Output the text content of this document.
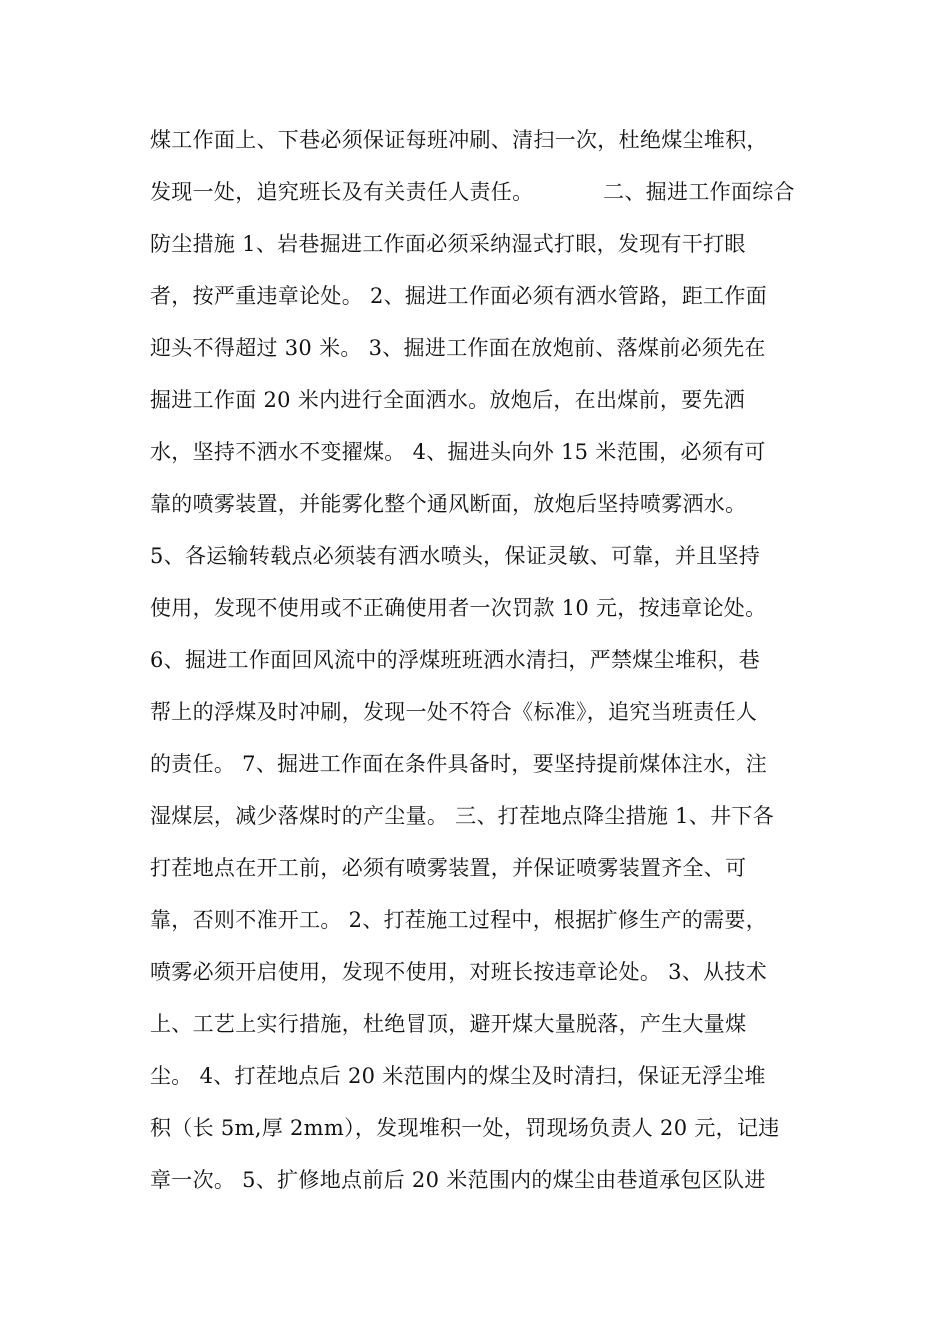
煤工作面上、下巷必须保证每班冲刷、清扫一次，杜绝煤尘堆积，
发现一处，追究班长及有关责任人责任。          二、掘进工作面综合
防尘措施 1、岩巷掘进工作面必须采纳湿式打眼，发现有干打眼
者，按严重违章论处。 2、掘进工作面必须有洒水管路，距工作面
迎头不得超过 30 米。 3、掘进工作面在放炮前、落煤前必须先在
掘进工作面 20 米内进行全面洒水。放炮后，在出煤前，要先洒
水，坚持不洒水不变擢煤。 4、掘进头向外 15 米范围，必须有可
靠的喷雾装置，并能雾化整个通风断面，放炮后坚持喷雾洒水。
5、各运输转载点必须装有洒水喷头，保证灵敏、可靠，并且坚持
使用，发现不使用或不正确使用者一次罚款 10 元，按违章论处。
6、掘进工作面回风流中的浮煤班班洒水清扫，严禁煤尘堆积，巷
帮上的浮煤及时冲刷，发现一处不符合《标准》，追究当班责任人
的责任。 7、掘进工作面在条件具备时，要坚持提前煤体注水，注
湿煤层，减少落煤时的产尘量。 三、打茬地点降尘措施 1、井下各
打茬地点在开工前，必须有喷雾装置，并保证喷雾装置齐全、可
靠，否则不准开工。 2、打茬施工过程中，根据扩修生产的需要，
喷雾必须开启使用，发现不使用，对班长按违章论处。 3、从技术
上、工艺上实行措施，杜绝冒顶，避开煤大量脱落，产生大量煤
尘。 4、打茬地点后 20 米范围内的煤尘及时清扫，保证无浮尘堆
积（长 5m,厚 2mm），发现堆积一处，罚现场负责人 20 元，记违
章一次。 5、扩修地点前后 20 米范围内的煤尘由巷道承包区队进
